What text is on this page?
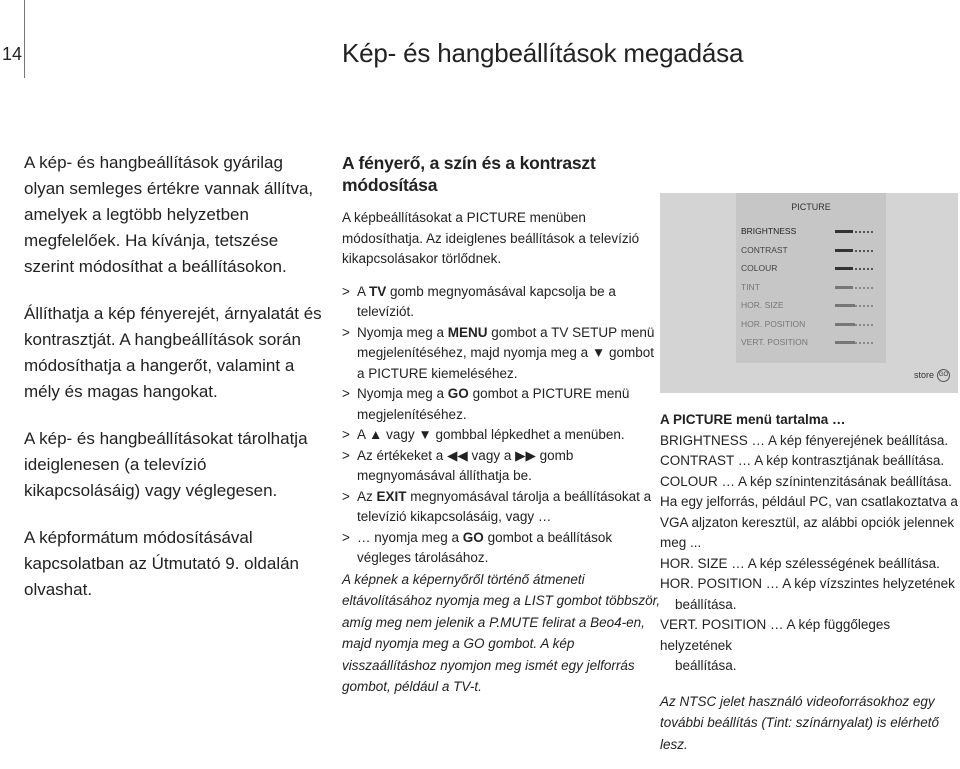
14	Kép- és hangbeállítások megadása

A kép- és hangbeállítások gyárilag olyan semleges értékre vannak állítva, amelyek a legtöbb helyzetben megfelelőek. Ha kívánja, tetszése szerint módosíthat a beállításokon.

Állíthatja a kép fényerejét, árnyalatát és kontrasztját. A hangbeállítások során módosíthatja a hangerőt, valamint a mély és magas hangokat.

A kép- és hangbeállításokat tárolhatja ideiglenesen (a televízió kikapcsolásáig) vagy véglegesen.

A képformátum módosításával kapcsolatban az Útmutató 9. oldalán olvashat.

A fényerő, a szín és a kontraszt módosítása

A képbeállításokat a PICTURE menüben módosíthatja. Az ideiglenes beállítások a televízió kikapcsolásakor törlődnek.

> A TV gomb megnyomásával kapcsolja be a televíziót.
> Nyomja meg a MENU gombot a TV SETUP menü megjelenítéséhez, majd nyomja meg a ▼ gombot a PICTURE kiemeléséhez.
> Nyomja meg a GO gombot a PICTURE menü megjelenítéséhez.
> A ▲ vagy ▼ gombbal lépkedhet a menüben.
> Az értékeket a ◀◀ vagy a ▶▶ gomb megnyomásával állíthatja be.
> Az EXIT megnyomásával tárolja a beállításokat a televízió kikapcsolásáig, vagy …
> … nyomja meg a GO gombot a beállítások végleges tárolásához.

A képnek a képernyőről történő átmeneti eltávolításához nyomja meg a LIST gombot többször, amíg meg nem jelenik a P.MUTE felirat a Beo4-en, majd nyomja meg a GO gombot. A kép visszaállításhoz nyomjon meg ismét egy jelforrás gombot, például a TV-t.

PICTURE
BRIGHTNESS
CONTRAST
COLOUR
TINT
HOR. SIZE
HOR. POSITION
VERT. POSITION
store GO
A PICTURE menü tartalma …

BRIGHTNESS … A kép fényerejének beállítása.

CONTRAST … A kép kontrasztjának beállítása.

COLOUR … A kép színintenzitásának beállítása.

Ha egy jelforrás, például PC, van csatlakoztatva a VGA aljzaton keresztül, az alábbi opciók jelennek meg ...

HOR. SIZE … A kép szélességének beállítása.

HOR. POSITION … A kép vízszintes helyzetének

beállítása.

VERT. POSITION … A kép függőleges helyzetének

beállítása.

Az NTSC jelet használó videoforrásokhoz egy további beállítás (Tint: színárnyalat) is elérhető lesz.
